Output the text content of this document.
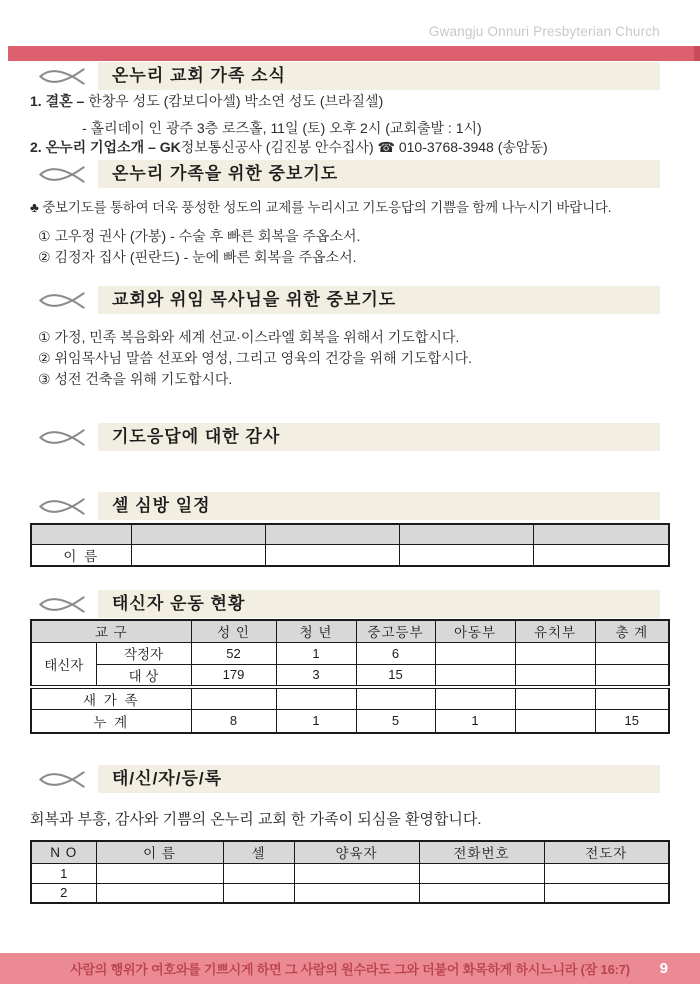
Gwangju Onnuri Presbyterian Church
온누리 교회 가족 소식
1. 결혼 – 한창우 성도 (캄보디아셀) 박소연 성도 (브라질셀)
- 홀리데이 인 광주 3층 로즈홀, 11일 (토) 오후 2시 (교회출발 : 1시)
2. 온누리 기업소개 – GK정보통신공사 (김진봉 안수집사) ☎ 010-3768-3948 (송암동)
온누리 가족을 위한 중보기도
♣ 중보기도를 통하여 더욱 풍성한 성도의 교제를 누리시고 기도응답의 기쁨을 함께 나누시기 바랍니다.
① 고우정 권사 (가봉) - 수술 후 빠른 회복을 주옵소서.
② 김정자 집사 (핀란드) - 눈에 빠른 회복을 주옵소서.
교회와 위임 목사님을 위한 중보기도
① 가정, 민족 복음화와 세계 선교·이스라엘 회복을 위해서 기도합시다.
② 위임목사님 말씀 선포와 영성, 그리고 영육의 건강을 위해 기도합시다.
③ 성전 건축을 위해 기도합시다.
기도응답에 대한 감사
셀 심방 일정

이 름				
태신자 운동 현황
교 구		성 인	청 년	중고등부	아동부	유치부	총 계
태신자	작정자	52	1	6			
	대 상	179	3	15			
새 가 족							
누 계		8	1	5	1		15
태/신/자/등/록
회복과 부흥, 감사와 기쁨의 온누리 교회 한 가족이 되심을 환영합니다.
N O	이 름	셀	양육자	전화번호	전도자
1					
2					
사람의 행위가 여호와를 기쁘시게 하면 그 사람의 원수라도 그와 더불어 화목하게 하시느니라 (잠 16:7) 9
